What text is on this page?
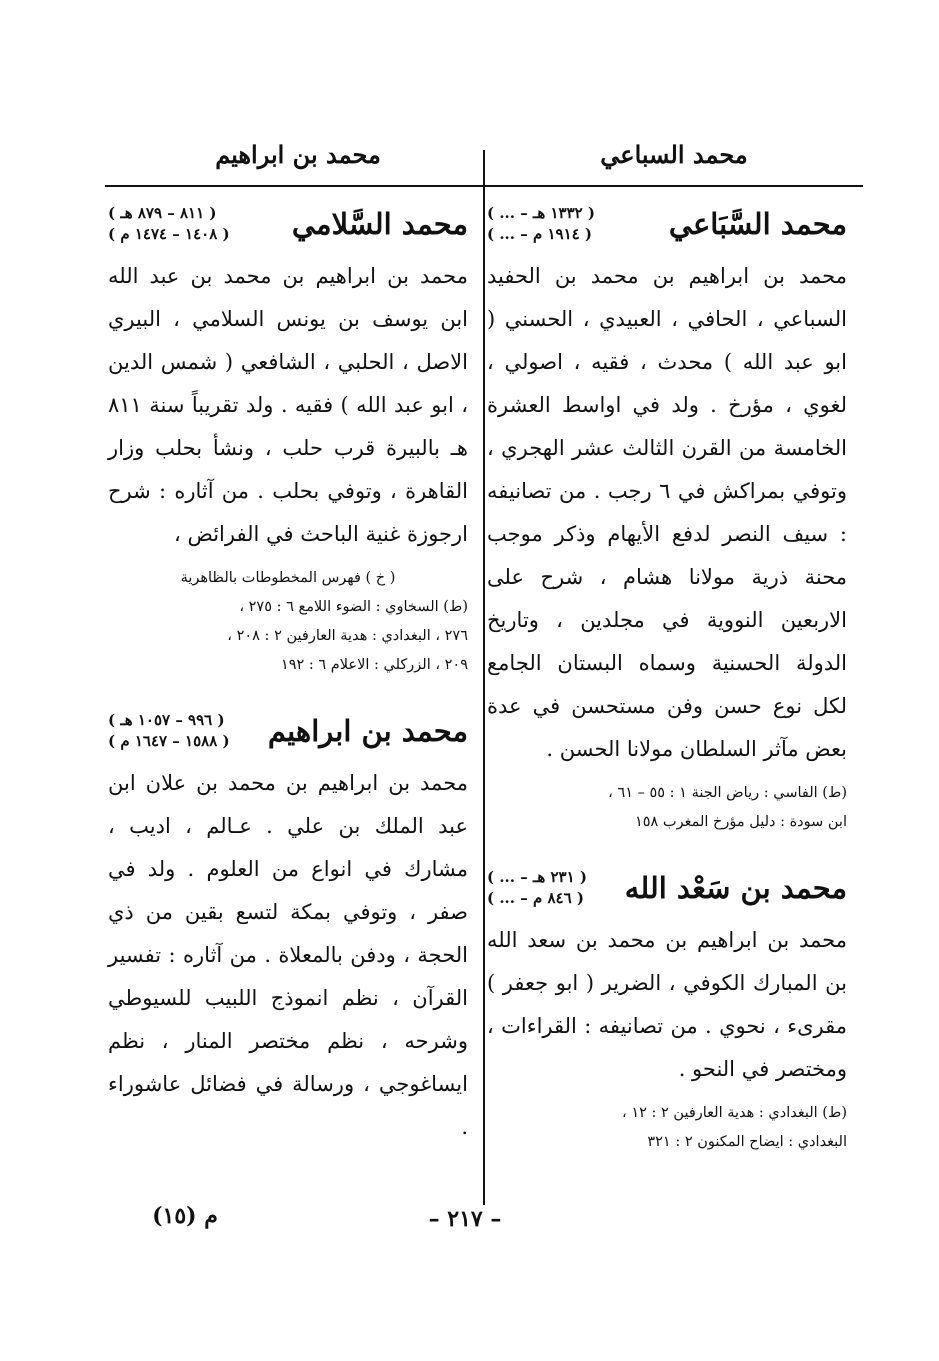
محمد السباعي
محمد بن ابراهيم
محمد السَّبَاعي
( ... – ١٣٣٢ هـ )
( ... – ١٩١٤ م )
محمد بن ابراهيم بن محمد بن الحفيد السباعي ، الحافي ، العبيدي ، الحسني ( ابو عبد الله ) محدث ، فقيه ، اصولي ، لغوي ، مؤرخ . ولد في اواسط العشرة الخامسة من القرن الثالث عشر الهجري ، وتوفي بمراكش في ٦ رجب . من تصانيفه : سيف النصر لدفع الأيهام وذكر موجب محنة ذرية مولانا هشام ، شرح على الاربعين النووية في مجلدين ، وتاريخ الدولة الحسنية وسماه البستان الجامع لكل نوع حسن وفن مستحسن في عدة بعض مآثر السلطان مولانا الحسن .
(ط) الفاسي : رياض الجنة ١ : ٥٥ – ٦١ ،
ابن سودة : دليل مؤرخ المغرب ١٥٨
محمد بن سَعْد الله
( ... – ٢٣١ هـ )
( ... – ٨٤٦ م )
محمد بن ابراهيم بن محمد بن سعد الله بن المبارك الكوفي ، الضرير ( ابو جعفر ) مقرىء ، نحوي . من تصانيفه : القراءات ، ومختصر في النحو .
(ط) البغدادي : هدية العارفين ٢ : ١٢ ،
البغدادي : ايضاح المكنون ٢ : ٣٢١
محمد السَّلامي
( ٨١١ – ٨٧٩ هـ )
( ١٤٠٨ – ١٤٧٤ م )
محمد بن ابراهيم بن محمد بن عبد الله ابن يوسف بن يونس السلامي ، البيري الاصل ، الحلبي ، الشافعي ( شمس الدين ، ابو عبد الله ) فقيه . ولد تقريباً سنة ٨١١ هـ بالبيرة قرب حلب ، ونشأ بحلب وزار القاهرة ، وتوفي بحلب . من آثاره : شرح ارجوزة غنية الباحث في الفرائض ،
( خ ) فهرس المخطوطات بالظاهرية
(ط) السخاوي : الضوء اللامع ٦ : ٢٧٥ ،
٢٧٦ ، البغدادي : هدية العارفين ٢ : ٢٠٨ ،
٢٠٩ ، الزركلي : الاعلام ٦ : ١٩٢
محمد بن ابراهيم
( ٩٩٦ – ١٠٥٧ هـ )
( ١٥٨٨ – ١٦٤٧ م )
محمد بن ابراهيم بن محمد بن علان ابن عبد الملك بن علي . عـالم ، اديب ، مشارك في انواع من العلوم . ولد في صفر ، وتوفي بمكة لتسع بقين من ذي الحجة ، ودفن بالمعلاة . من آثاره : تفسير القرآن ، نظم انموذج اللبيب للسيوطي وشرحه ، نظم مختصر المنار ، نظم ايساغوجي ، ورسالة في فضائل عاشوراء .
– ٢١٧ –
م (١٥)
